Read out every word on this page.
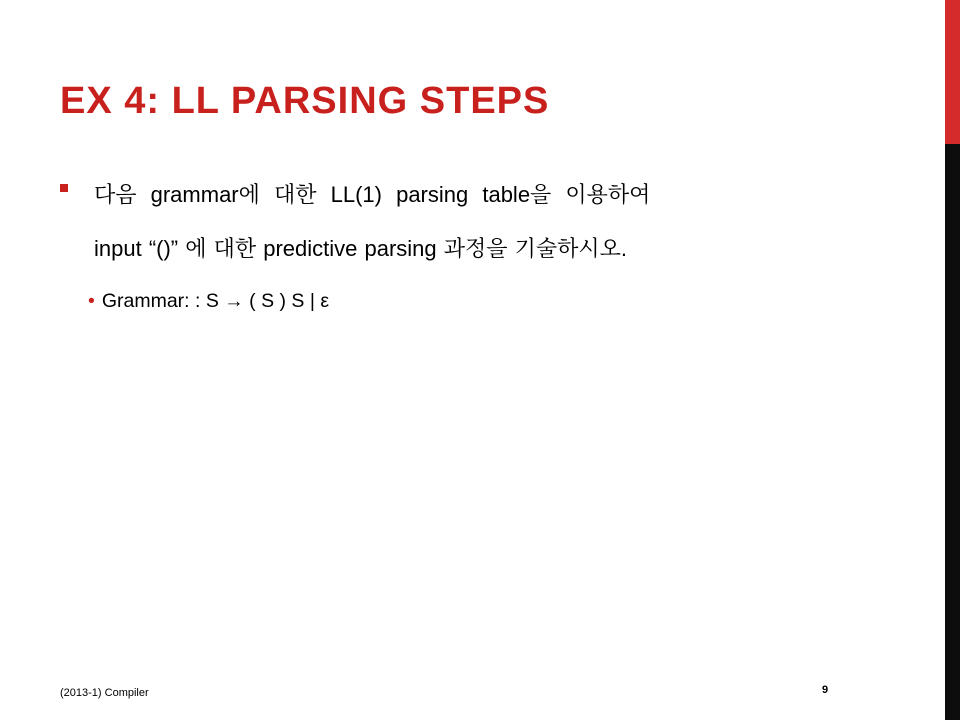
EX 4: LL PARSING STEPS
다음 grammar에 대한 LL(1) parsing table을 이용하여
input “()” 에 대한 predictive parsing 과정을 기술하시오.
• Grammar: : S → ( S ) S | ε
(2013-1) Compiler	9
